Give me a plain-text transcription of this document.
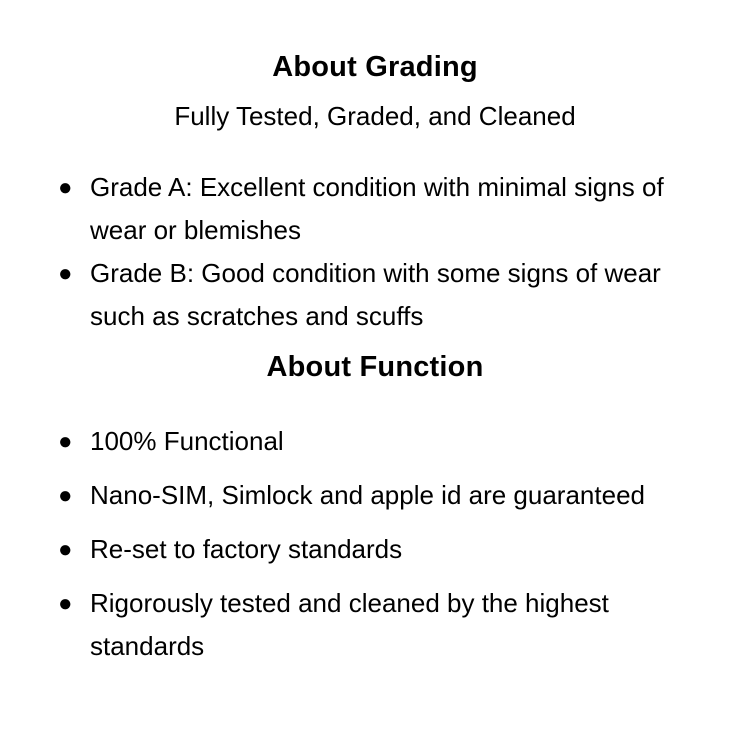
About Grading

Fully Tested, Graded, and Cleaned

● Grade A: Excellent condition with minimal signs of wear or blemishes
● Grade B: Good condition with some signs of wear such as scratches and scuffs
About Function
● 100% Functional
● Nano-SIM, Simlock and apple id are guaranteed
● Re-set to factory standards
● Rigorously tested and cleaned by the highest standards
